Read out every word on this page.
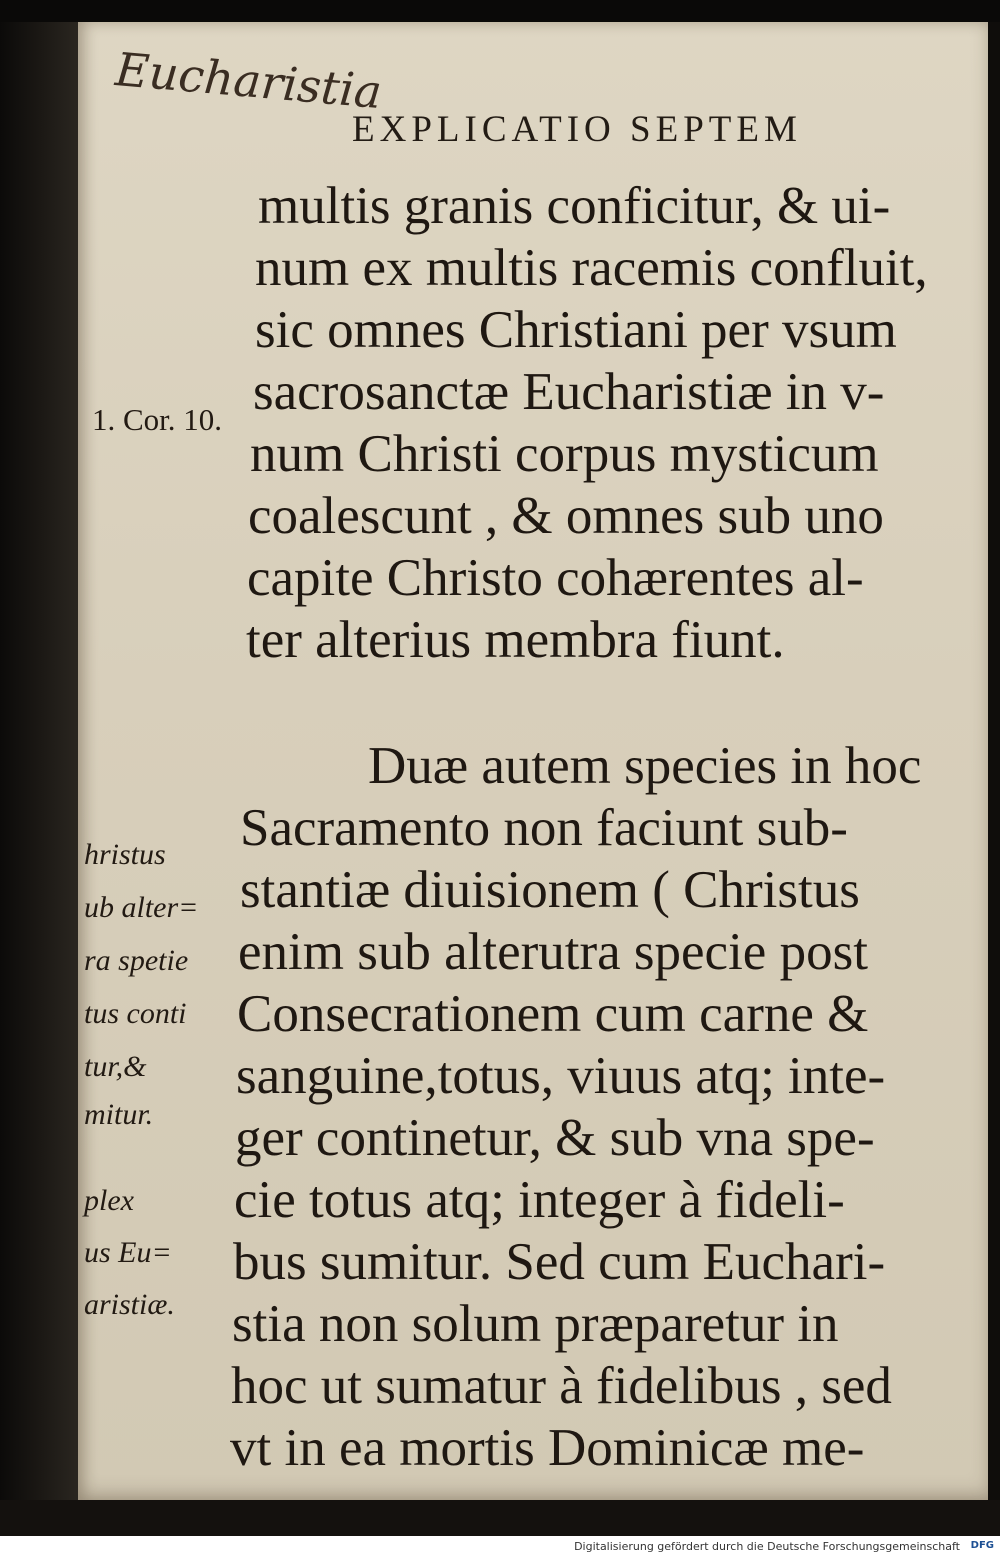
Eucharistia
EXPLICATIO SEPTEM
multis granis conficitur, & ui-
num ex multis racemis confluit,
sic omnes Christiani per vsum
sacrosanctæ Eucharistiæ in v-
num Christi corpus mysticum
coalescunt , & omnes sub uno
capite Christo cohærentes al-
ter alterius membra fiunt.
Duæ autem species in hoc
Sacramento non faciunt sub-
stantiæ diuisionem ( Christus
enim sub alterutra specie post
Consecrationem cum carne &
sanguine,totus, viuus atq; inte-
ger continetur, & sub vna spe-
cie totus atq; integer à fideli-
bus sumitur. Sed cum Euchari-
stia non solum præparetur in
hoc ut sumatur à fidelibus , sed
vt in ea mortis Dominicæ me-
1. Cor. 10.
hristus
ub alter=
ra spetie
tus conti
tur,&
mitur.
plex
us Eu=
aristiæ.
Digitalisierung gefördert durch die Deutsche Forschungsgemeinschaft DFG
